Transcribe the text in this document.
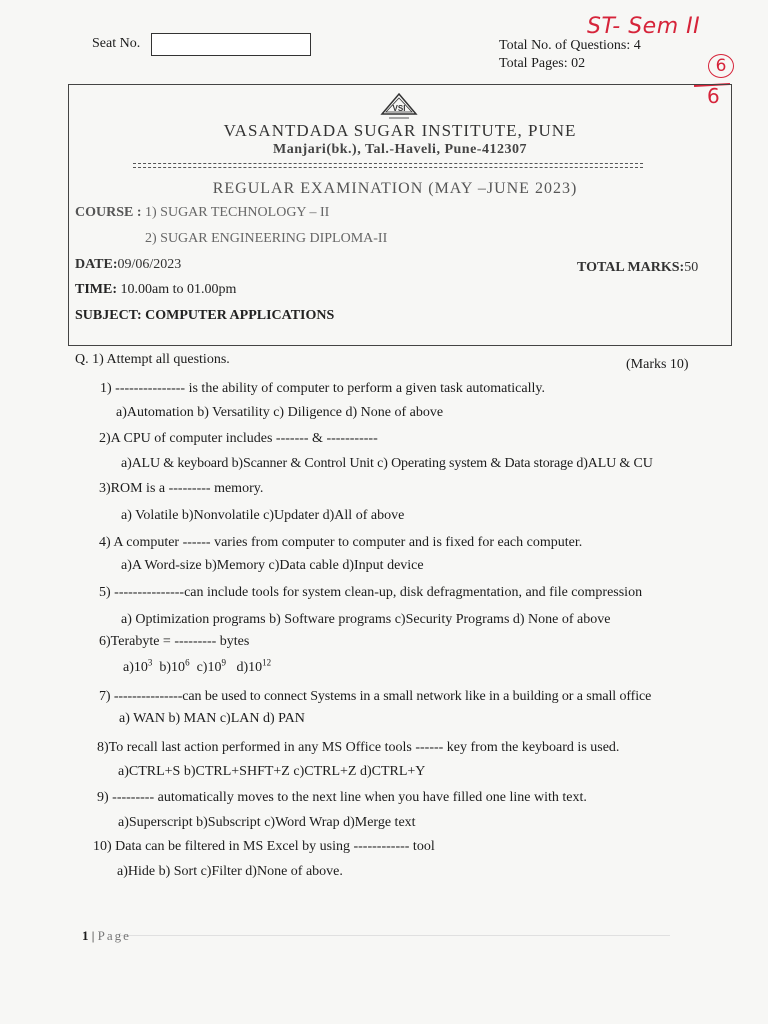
Seat No.	Total No. of Questions: 4
Total Pages: 02
ST- Sem II
6
6
VSI
VASANTDADA SUGAR INSTITUTE, PUNE
Manjari(bk.), Tal.-Haveli, Pune-412307
REGULAR EXAMINATION (MAY –JUNE 2023)
COURSE : 1) SUGAR TECHNOLOGY – II
2) SUGAR ENGINEERING DIPLOMA-II
DATE:09/06/2023	TOTAL MARKS:50
TIME: 10.00am to 01.00pm
SUBJECT: COMPUTER APPLICATIONS
Q. 1) Attempt all questions.	(Marks 10)
1) --------------- is the ability of computer to perform a given task automatically.
a)Automation b) Versatility c) Diligence d) None of above
2)A CPU of computer includes ------- & -----------
a)ALU & keyboard b)Scanner & Control Unit c) Operating system & Data storage d)ALU & CU
3)ROM is a --------- memory.
a) Volatile b)Nonvolatile c)Updater d)All of above
4) A computer ------ varies from computer to computer and is fixed for each computer.
a)A Word-size b)Memory c)Data cable d)Input device
5) ---------------can include tools for system clean-up, disk defragmentation, and file compression
a) Optimization programs b) Software programs c)Security Programs d) None of above
6)Terabyte = --------- bytes
$a)10^3$  $b)10^6$  $c)10^9$   $d)10^{12}$
7) ---------------can be used to connect Systems in a small network like in a building or a small office
a) WAN b) MAN c)LAN d) PAN
8)To recall last action performed in any MS Office tools ------ key from the keyboard is used.
a)CTRL+S b)CTRL+SHFT+Z c)CTRL+Z d)CTRL+Y
9) --------- automatically moves to the next line when you have filled one line with text.
a)Superscript b)Subscript c)Word Wrap d)Merge text
10) Data can be filtered in MS Excel by using ------------ tool
a)Hide b) Sort c)Filter d)None of above.
1 | Page
